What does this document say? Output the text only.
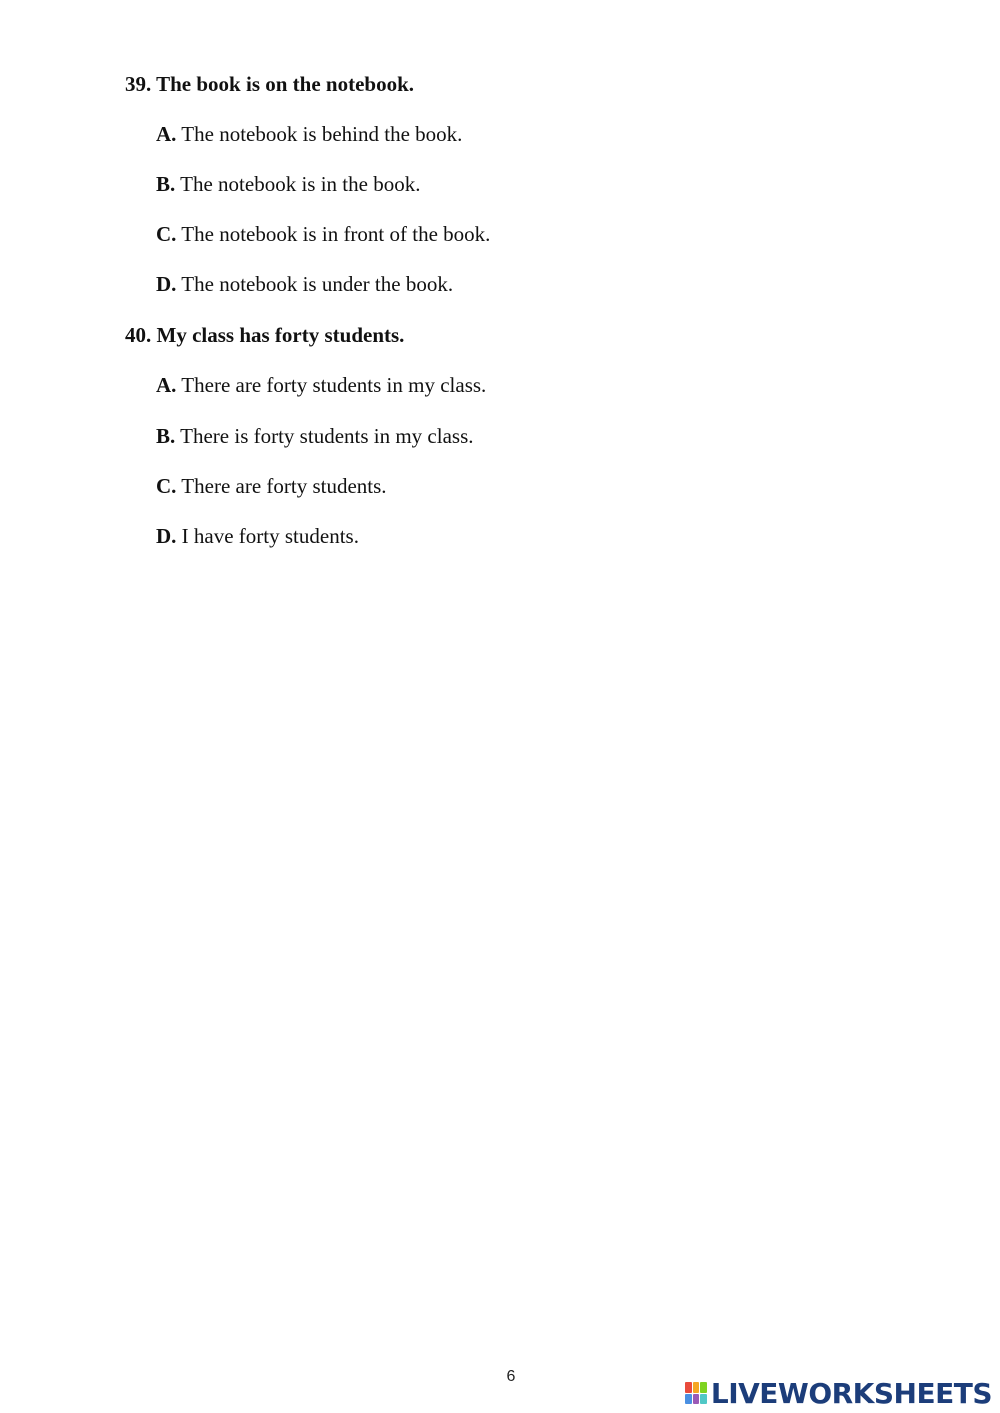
39. The book is on the notebook.
A. The notebook is behind the book.
B. The notebook is in the book.
C. The notebook is in front of the book.
D. The notebook is under the book.
40. My class has forty students.
A. There are forty students in my class.
B. There is forty students in my class.
C. There are forty students.
D. I have forty students.
6	LIVEWORKSHEETS
